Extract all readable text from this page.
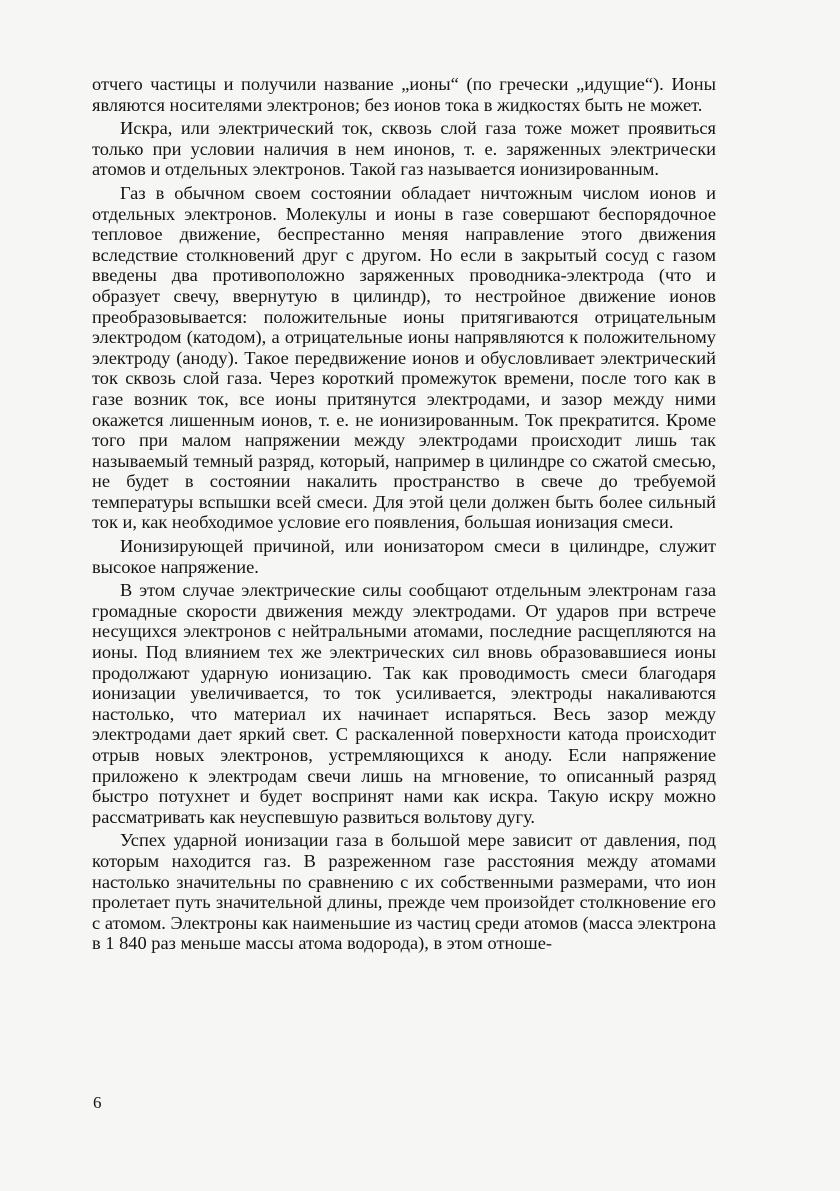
отчего частицы и получили название „ионы“ (по гречески „идущие“). Ионы являются носителями электронов; без ионов тока в жидкостях быть не может.

Искра, или электрический ток, сквозь слой газа тоже может проявиться только при условии наличия в нем инонов, т. е. заряженных электрически атомов и отдельных электронов. Такой газ называется ионизированным.

Газ в обычном своем состоянии обладает ничтожным числом ионов и отдельных электронов. Молекулы и ионы в газе совершают беспорядочное тепловое движение, беспрестанно меняя направление этого движения вследствие столкновений друг с другом. Но если в закрытый сосуд с газом введены два противоположно заряженных проводника-электрода (что и образует свечу, ввернутую в цилиндр), то нестройное движение ионов преобразовывается: положительные ионы притягиваются отрицательным электродом (катодом), а отрицательные ионы напрявляются к положительному электроду (аноду). Такое передвижение ионов и обусловливает электрический ток сквозь слой газа. Через короткий промежуток времени, после того как в газе возник ток, все ионы притянутся электродами, и зазор между ними окажется лишенным ионов, т. е. не ионизированным. Ток прекратится. Кроме того при малом напряжении между электродами происходит лишь так называемый темный разряд, который, например в цилиндре со сжатой смесью, не будет в состоянии накалить пространство в свече до требуемой температуры вспышки всей смеси. Для этой цели должен быть более сильный ток и, как необходимое условие его появления, большая ионизация смеси.

Ионизирующей причиной, или ионизатором смеси в цилиндре, служит высокое напряжение.

В этом случае электрические силы сообщают отдельным электронам газа громадные скорости движения между электродами. От ударов при встрече несущихся электронов с нейтральными атомами, последние расщепляются на ионы. Под влиянием тех же электрических сил вновь образовавшиеся ионы продолжают ударную ионизацию. Так как проводимость смеси благодаря ионизации увеличивается, то ток усиливается, электроды накаливаются настолько, что материал их начинает испаряться. Весь зазор между электродами дает яркий свет. С раскаленной поверхности катода происходит отрыв новых электронов, устремляющихся к аноду. Если напряжение приложено к электродам свечи лишь на мгновение, то описанный разряд быстро потухнет и будет воспринят нами как искра. Такую искру можно рассматривать как неуспевшую развиться вольтову дугу.

Успех ударной ионизации газа в большой мере зависит от давления, под которым находится газ. В разреженном газе расстояния между атомами настолько значительны по сравнению с их собственными размерами, что ион пролетает путь значительной длины, прежде чем произойдет столкновение его с атомом. Электроны как наименьшие из частиц среди атомов (масса электрона в 1 840 раз меньше массы атома водорода), в этом отноше-

6
